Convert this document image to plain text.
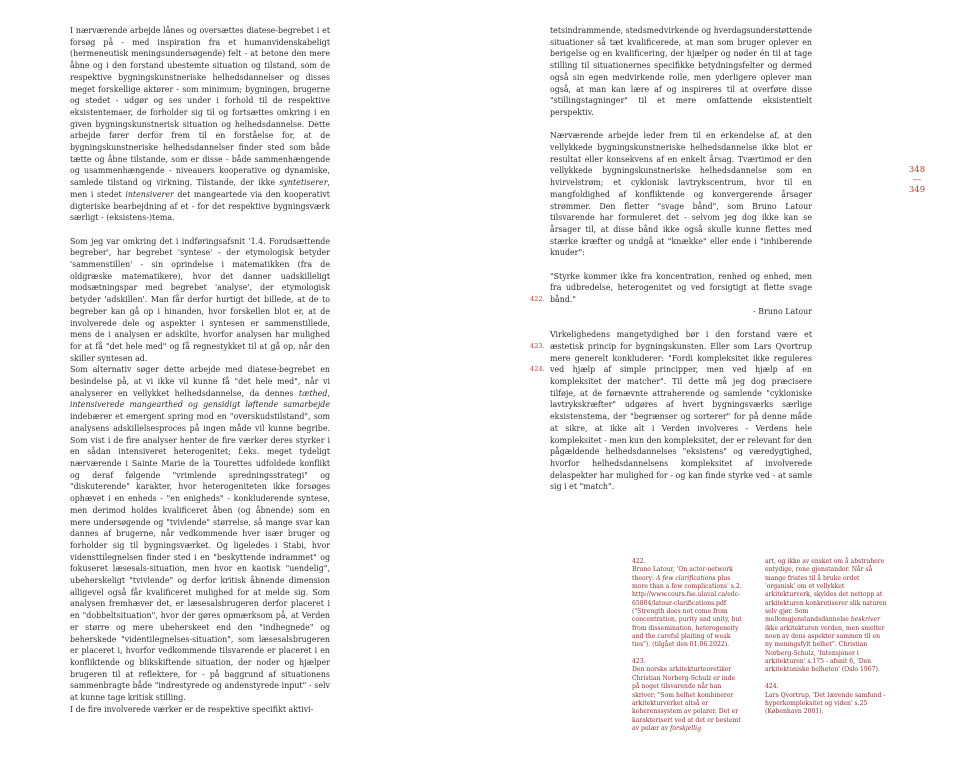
I nærværende arbejde lånes og oversættes diatese-begrebet i et forsøg på - med inspiration fra et humanvidenskabeligt (hermeneutisk meningsundersøgende) felt - at betone den mere åbne og i den forstand ubestemte situation og tilstand, som de respektive bygningskunstneriske helhedsdannelser og disses meget forskellige aktører - som minimum; bygningen, brugerne og stedet - udgør og ses under i forhold til de respektive eksistentemaer, de forholder sig til og fortsættes omkring i en given bygningskunstnerisk situation og helhedsdannelse. Dette arbejde fører derfor frem til en forståelse for, at de bygningskunstneriske helhedsdannelser finder sted som både tætte og åbne tilstande, som er disse - både sammenhængende og usammenhængende - niveauers kooperative og dynamiske, samlede tilstand og virkning. Tilstande, der ikke syntetiserer, men i stedet intensiverer det mangeartede via den kooperativt digteriske bearbejdning af et - for det respektive bygningsværk særligt - (eksistens-)tema.

Som jeg var omkring det i indføringsafsnit '1.4. Forudsættende begreber', har begrebet 'syntese' - der etymologisk betyder 'sammenstillen' - sin oprindelse i matematikken (fra de oldgræske matematikere), hvor det danner uadskilleligt modsætningspar med begrebet 'analyse', der etymologisk betyder 'adskillen'. Man får derfor hurtigt det billede, at de to begreber kan gå op i hinanden, hvor forskellen blot er, at de involverede dele og aspekter i syntesen er sammenstillede, mens de i analysen er adskilte, hvorfor analysen har mulighed for at få "det hele med" og få regnestykket til at gå op, når den skiller syntesen ad.

Som alternativ søger dette arbejde med diatese-begrebet en besindelse på, at vi ikke vil kunne få "det hele med", når vi analyserer en vellykket helhedsdannelse, da dennes tæthed, intensiverede mangearthed og gensidigt løftende samarbejde indebærer et emergent spring mod en "overskudstilstand", som analysens adskillelsesproces på ingen måde vil kunne begribe. Som vist i de fire analyser henter de fire værker deres styrker i en sådan intensiveret heterogenitet; f.eks. meget tydeligt nærværende i Sainte Marie de la Tourettes udfoldede konflikt og deraf følgende "vrimlende spredningsstrategi" og "diskuterende" karakter, hvor heterogeniteten ikke forsøges ophævet i en enheds - "en enigheds" - konkluderende syntese, men derimod holdes kvalificeret åben (og åbnende) som en mere undersøgende og "tvivlende" størrelse, så mange svar kan dannes af brugerne, når vedkommende hver især bruger og forholder sig til bygningsværket. Og ligeledes i Stabi, hvor vidensttilegnelsen finder sted i en "beskyttende indrammet" og fokuseret læsesals-situation, men hvor en kaotisk "uendelig", ubeherskeligt "tvivlende" og derfor kritisk åbnende dimension alligevel også får kvalificeret mulighed for at melde sig. Som analysen fremhæver det, er læsesalsbrugeren derfor placeret i en "dobbeltsituation", hvor der gøres opmærksom på, at Verden er større og mere ubeherskeet end den "indhegnede" og beherskede "videntilegnelses-situation", som læsesalsbrugeren er placeret i, hvorfor vedkommende tilsvarende er placeret i en konfliktende og blikskiftende situation, der noder og hjælper brugeren til at reflektere, for - på baggrund af situationens sammenbragte både "indrestyrede og andenstyrede input" - selv at kunne tage kritisk stilling.

I de fire involverede værker er de respektive specifikt aktivi-

tetsindrammende, stedsmedvirkende og hverdagsunderstøttende situationer så tæt kvalificerede, at man som bruger oplever en berigelse og en kvalificering, der hjælper og nøder én til at tage stilling til situationernes specifikke betydningsfelter og dermed også sin egen medvirkende rolle, men yderligere oplever man også, at man kan lære af og inspireres til at overføre disse "stillingstagninger" til et mere omfattende eksistentielt perspektiv.

Nærværende arbejde leder frem til en erkendelse af, at den vellykkede bygningskunstneriske helhedsdannelse ikke blot er resultat eller konsekvens af en enkelt årsag. Tværtimod er den vellykkede bygningskunstneriske helhedsdannelse som en hvirvelstrøm; et cyklonisk lavtrykscentrum, hvor til en mangfoldighed af konfliktende og konvergerende årsager strømmer. Den fletter "svage bånd", som Bruno Latour tilsvarende har formuleret det - selvom jeg dog ikke kan se årsager til, at disse bånd ikke også skulle kunne flettes med stærke kræfter og undgå at "knække" eller ende i "inhiberende knuder":

422.

"Styrke kommer ikke fra koncentration, renhed og enhed, men fra udbredelse, heterogenitet og ved forsigtigt at flette svage bånd."

- Bruno Latour

423.
424.

Virkelighedens mangetydighed bør i den forstand være et æstetisk princip for bygningskunsten. Eller som Lars Qvortrup mere generelt konkluderer: "Fordi kompleksitet ikke reguleres ved hjælp af simple principper, men ved hjælp af en kompleksitet der matcher". Til dette må jeg dog præcisere tilføje, at de førnævnte attraherende og samlende "cykloniske lavtrykskræfter" udgøres af hvert bygningsværks særlige eksistenstema, der "begrænser og sorterer" for på denne måde at sikre, at ikke alt i Verden involveres - Verdens hele kompleksitet - men kun den kompleksitet, der er relevant for den pågældende helhedsdannelses "eksistens" og væredygtighed, hvorfor helhedsdannelsens kompleksitet af involverede delaspekter har mulighed for - og kan finde styrke ved - at samle sig i et "match".

348
—
349
422.
Bruno Latour, 'On actor-network theory: A few clarifications plus more than a few complications' s.2. http://www.cours.fse.ulaval.ca/edc-65804/latour-clarifications.pdf ("Strength does not come from concentration, purity and unity, but from dissemination, heterogeneity and the careful plaiting of weak ties"). (tilgået den 01.06.2022).
423.
Den norske arkitekturteoretiker Christian Norberg-Schulz er inde på noget tilsvarende når han skriver; "Som helhet kombinerer arkitekturverket altså er koherenssystem av polarer. Det er karakterisert ved at det er bestemt av polær av forskjellig
art, og ikke av ensket om å abstrahere entydige, rene gjenstander. Når så mange fristes til å bruke ordet 'organisk' om et vellykket arkitekturverk, skyldes det nettopp at arkitekturen konkretiserer slik naturen selv gjør. Som mellomgjenstandsdannelse beskriver ikke arkitekturen verden, men smelter noen av dens aspekter sammen til en ny meningsfylt helhet". Christian Norberg-Schulz, 'Intensjoner i arkitekturen' s.175 - afsnit 6, 'Den arkitektoniske helheten' (Oslo 1967).
424.
Lars Qvortrup, 'Det lærende samfund - hyperkompleksitet og viden' s.25 (København 2001).
